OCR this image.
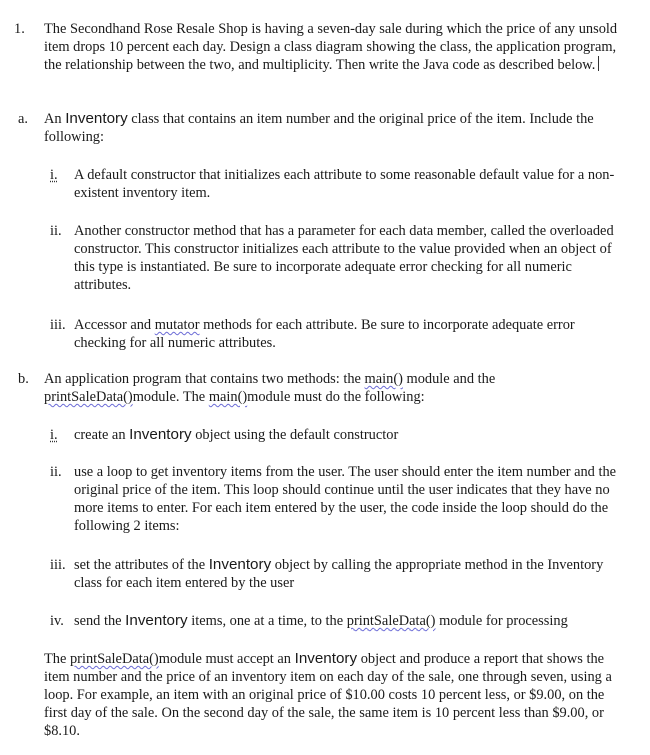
1. The Secondhand Rose Resale Shop is having a seven-day sale during which the price of any unsold item drops 10 percent each day. Design a class diagram showing the class, the application program, the relationship between the two, and multiplicity. Then write the Java code as described below.
a. An Inventory class that contains an item number and the original price of the item. Include the following:
i. A default constructor that initializes each attribute to some reasonable default value for a non-existent inventory item.
ii. Another constructor method that has a parameter for each data member, called the overloaded constructor. This constructor initializes each attribute to the value provided when an object of this type is instantiated. Be sure to incorporate adequate error checking for all numeric attributes.
iii. Accessor and mutator methods for each attribute. Be sure to incorporate adequate error checking for all numeric attributes.
b. An application program that contains two methods: the main() module and the printSaleData()module. The main()module must do the following:
i. create an Inventory object using the default constructor
ii. use a loop to get inventory items from the user. The user should enter the item number and the original price of the item. This loop should continue until the user indicates that they have no more items to enter. For each item entered by the user, the code inside the loop should do the following 2 items:
iii. set the attributes of the Inventory object by calling the appropriate method in the Inventory class for each item entered by the user
iv. send the Inventory items, one at a time, to the printSaleData() module for processing
The printSaleData()module must accept an Inventory object and produce a report that shows the item number and the price of an inventory item on each day of the sale, one through seven, using a loop. For example, an item with an original price of $10.00 costs 10 percent less, or $9.00, on the first day of the sale. On the second day of the sale, the same item is 10 percent less than $9.00, or $8.10.
